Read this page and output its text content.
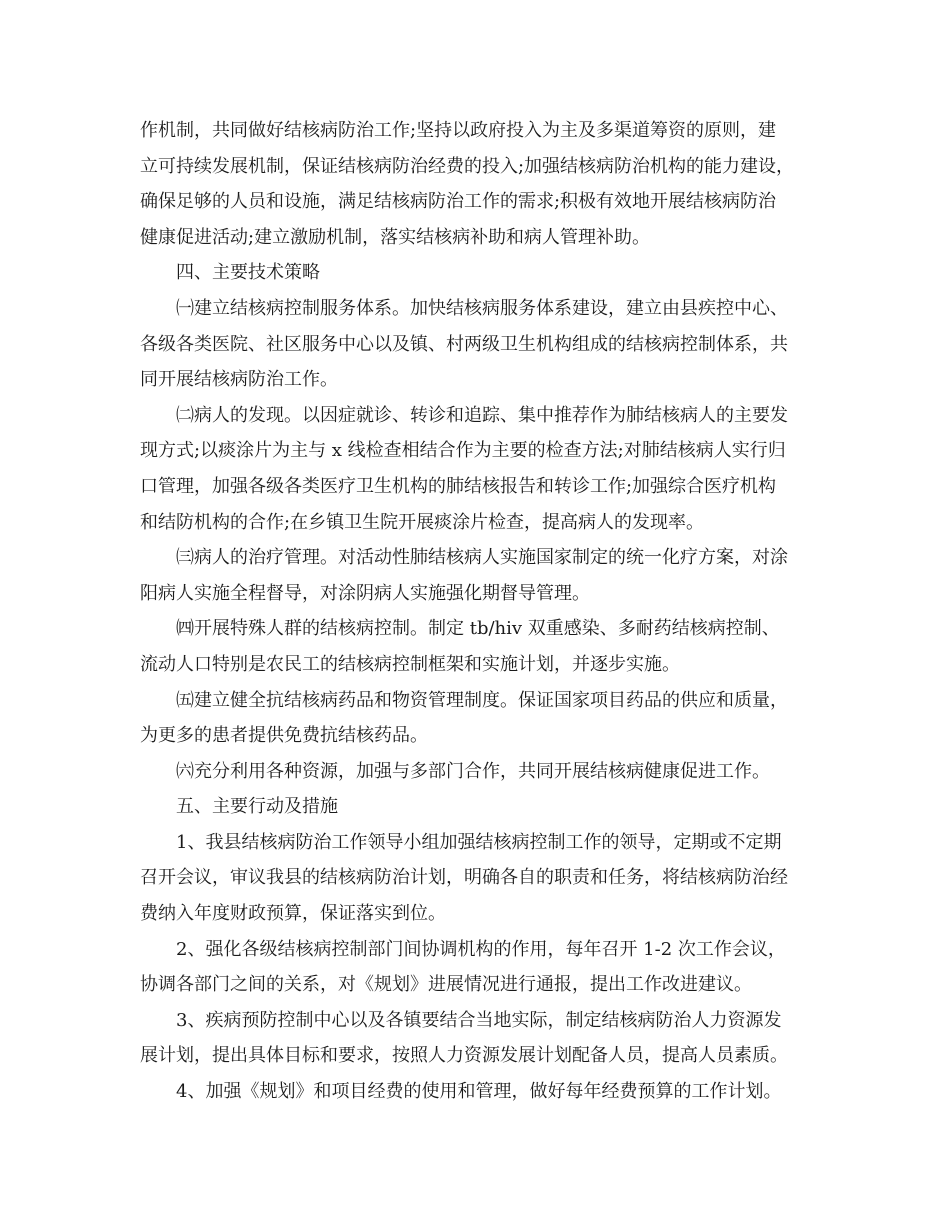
作机制，共同做好结核病防治工作;坚持以政府投入为主及多渠道筹资的原则，建
立可持续发展机制，保证结核病防治经费的投入;加强结核病防治机构的能力建设，
确保足够的人员和设施，满足结核病防治工作的需求;积极有效地开展结核病防治
健康促进活动;建立激励机制，落实结核病补助和病人管理补助。
四、主要技术策略
㈠建立结核病控制服务体系。加快结核病服务体系建设，建立由县疾控中心、
各级各类医院、社区服务中心以及镇、村两级卫生机构组成的结核病控制体系，共
同开展结核病防治工作。
㈡病人的发现。以因症就诊、转诊和追踪、集中推荐作为肺结核病人的主要发
现方式;以痰涂片为主与 x 线检查相结合作为主要的检查方法;对肺结核病人实行归
口管理，加强各级各类医疗卫生机构的肺结核报告和转诊工作;加强综合医疗机构
和结防机构的合作;在乡镇卫生院开展痰涂片检查，提高病人的发现率。
㈢病人的治疗管理。对活动性肺结核病人实施国家制定的统一化疗方案，对涂
阳病人实施全程督导，对涂阴病人实施强化期督导管理。
㈣开展特殊人群的结核病控制。制定 tb/hiv 双重感染、多耐药结核病控制、
流动人口特别是农民工的结核病控制框架和实施计划，并逐步实施。
㈤建立健全抗结核病药品和物资管理制度。保证国家项目药品的供应和质量，
为更多的患者提供免费抗结核药品。
㈥充分利用各种资源，加强与多部门合作，共同开展结核病健康促进工作。
五、主要行动及措施
1、我县结核病防治工作领导小组加强结核病控制工作的领导，定期或不定期
召开会议，审议我县的结核病防治计划，明确各自的职责和任务，将结核病防治经
费纳入年度财政预算，保证落实到位。
2、强化各级结核病控制部门间协调机构的作用，每年召开 1-2 次工作会议，
协调各部门之间的关系，对《规划》进展情况进行通报，提出工作改进建议。
3、疾病预防控制中心以及各镇要结合当地实际，制定结核病防治人力资源发
展计划，提出具体目标和要求，按照人力资源发展计划配备人员，提高人员素质。
4、加强《规划》和项目经费的使用和管理，做好每年经费预算的工作计划。
